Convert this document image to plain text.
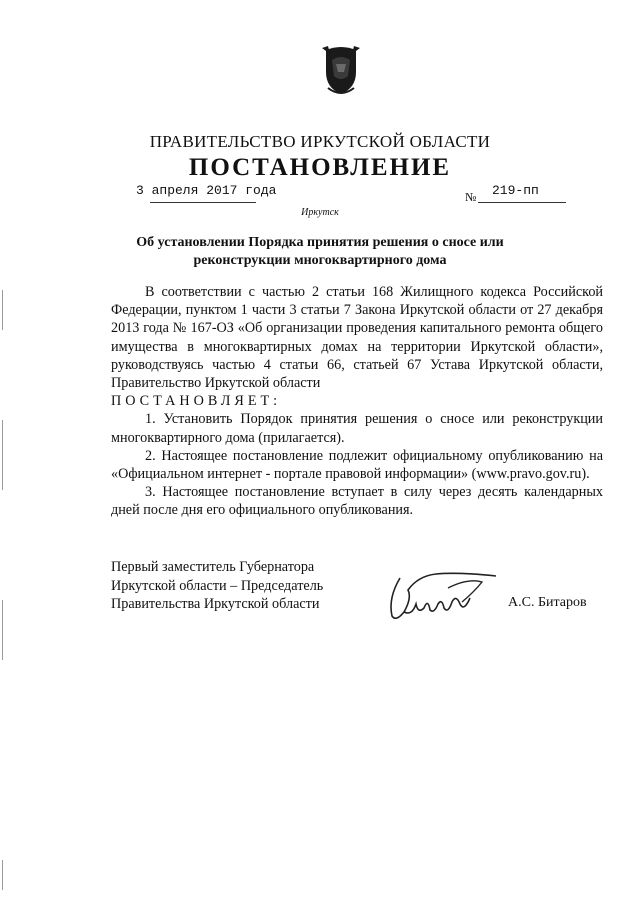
ПРАВИТЕЛЬСТВО ИРКУТСКОЙ ОБЛАСТИ
ПОСТАНОВЛЕНИЕ
3 апреля 2017 года	№ 219-пп
Иркутск
Об установлении Порядка принятия решения о сносе или
реконструкции многоквартирного дома

В соответствии с частью 2 статьи 168 Жилищного кодекса Российской Федерации, пунктом 1 части 3 статьи 7 Закона Иркутской области от 27 декабря 2013 года № 167-ОЗ «Об организации проведения капитального ремонта общего имущества в многоквартирных домах на территории Иркутской области», руководствуясь частью 4 статьи 66, статьей 67 Устава Иркутской области, Правительство Иркутской области

ПОСТАНОВЛЯЕТ:

1. Установить Порядок принятия решения о сносе или реконструкции многоквартирного дома (прилагается).

2. Настоящее постановление подлежит официальному опубликованию на «Официальном интернет - портале правовой информации» (www.pravo.gov.ru).

3. Настоящее постановление вступает в силу через десять календарных дней после дня его официального опубликования.

Первый заместитель Губернатора
Иркутской области – Председатель
Правительства Иркутской области	А.С. Битаров
